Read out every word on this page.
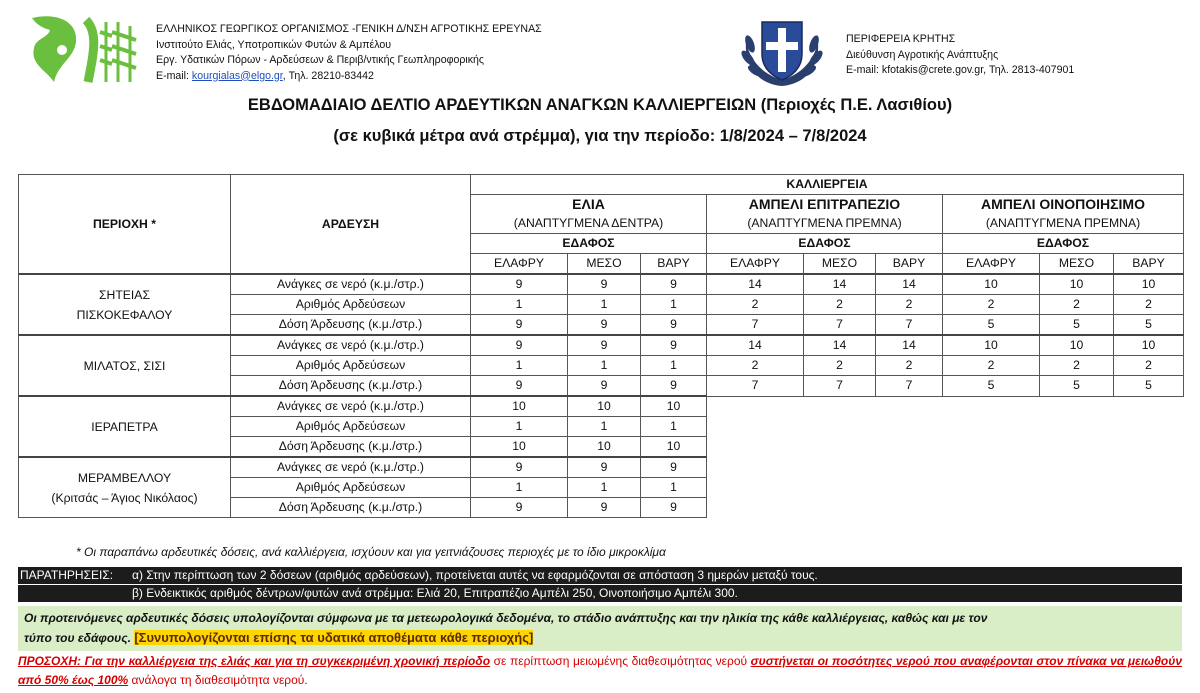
ΕΛΛΗΝΙΚΟΣ ΓΕΩΡΓΙΚΟΣ ΟΡΓΑΝΙΣΜΟΣ -ΓΕΝΙΚΗ Δ/ΝΣΗ ΑΓΡΟΤΙΚΗΣ ΕΡΕΥΝΑΣ
Ινστιτούτο Ελιάς, Υποτροπικών Φυτών & Αμπέλου
Εργ. Υδατικών Πόρων - Αρδεύσεων & Περιβ/ντικής Γεωπληροφορικής
E-mail: kourgialas@elgo.gr, Τηλ. 28210-83442
ΠΕΡΙΦΕΡΕΙΑ ΚΡΗΤΗΣ
Διεύθυνση Αγροτικής Ανάπτυξης
E-mail: kfotakis@crete.gov.gr, Τηλ. 2813-407901
ΕΒΔΟΜΑΔΙΑΙΟ ΔΕΛΤΙΟ ΑΡΔΕΥΤΙΚΩΝ ΑΝΑΓΚΩΝ ΚΑΛΛΙΕΡΓΕΙΩΝ (Περιοχές Π.Ε. Λασιθίου)
(σε κυβικά μέτρα ανά στρέμμα), για την περίοδο: 1/8/2024 – 7/8/2024
ΠΕΡΙΟΧΗ *	ΑΡΔΕΥΣΗ	ΚΑΛΛΙΕΡΓΕΙΑ								
		ΕΛΙΑ			ΑΜΠΕΛΙ ΕΠΙΤΡΑΠΕΖΙΟ			ΑΜΠΕΛΙ ΟΙΝΟΠΟΙΗΣΙΜΟ		
		(ΑΝΑΠΤΥΓΜΕΝΑ ΔΕΝΤΡΑ)			(ΑΝΑΠΤΥΓΜΕΝΑ ΠΡΕΜΝΑ)			(ΑΝΑΠΤΥΓΜΕΝΑ ΠΡΕΜΝΑ)		
		ΕΔΑΦΟΣ			ΕΔΑΦΟΣ			ΕΔΑΦΟΣ		
		ΕΛΑΦΡΥ	ΜΕΣΟ	ΒΑΡΥ	ΕΛΑΦΡΥ	ΜΕΣΟ	ΒΑΡΥ	ΕΛΑΦΡΥ	ΜΕΣΟ	ΒΑΡΥ

ΣΗΤΕΙΑΣ
ΠΙΣΚΟΚΕΦΑΛΟΥ	Ανάγκες σε νερό (κ.μ./στρ.)	9	9	9	14	14	14	10	10	10
	Αριθμός Αρδεύσεων	1	1	1	2	2	2	2	2	2
	Δόση Άρδευσης (κ.μ./στρ.)	9	9	9	7	7	7	5	5	5

ΜΙΛΑΤΟΣ, ΣΙΣΙ	Ανάγκες σε νερό (κ.μ./στρ.)	9	9	9	14	14	14	10	10	10
	Αριθμός Αρδεύσεων	1	1	1	2	2	2	2	2	2
	Δόση Άρδευσης (κ.μ./στρ.)	9	9	9	7	7	7	5	5	5

ΙΕΡΑΠΕΤΡΑ	Ανάγκες σε νερό (κ.μ./στρ.)	10	10	10						
	Αριθμός Αρδεύσεων	1	1	1						
	Δόση Άρδευσης (κ.μ./στρ.)	10	10	10						

ΜΕΡΑΜΒΕΛΛΟΥ
(Κριτσάς – Άγιος Νικόλαος)	Ανάγκες σε νερό (κ.μ./στρ.)	9	9	9						
	Αριθμός Αρδεύσεων	1	1	1						
	Δόση Άρδευσης (κ.μ./στρ.)	9	9	9						
* Οι παραπάνω αρδευτικές δόσεις, ανά καλλιέργεια, ισχύουν και για γειτνιάζουσες περιοχές με το ίδιο μικροκλίμα
ΠΑΡΑΤΗΡΗΣΕΙΣ: α) Στην περίπτωση των 2 δόσεων (αριθμός αρδεύσεων), προτείνεται αυτές να εφαρμόζονται σε απόσταση 3 ημερών μεταξύ τους.
β) Ενδεικτικός αριθμός δέντρων/φυτών ανά στρέμμα: Ελιά 20, Επιτραπέζιο Αμπέλι 250, Οινοποιήσιμο Αμπέλι 300.
Οι προτεινόμενες αρδευτικές δόσεις υπολογίζονται σύμφωνα με τα μετεωρολογικά δεδομένα, το στάδιο ανάπτυξης και την ηλικία της κάθε καλλιέργειας, καθώς και με τον
τύπο του εδάφους. [Συνυπολογίζονται επίσης τα υδατικά αποθέματα κάθε περιοχής]
ΠΡΟΣΟΧΗ: Για την καλλιέργεια της ελιάς και για τη συγκεκριμένη χρονική περίοδο σε περίπτωση μειωμένης διαθεσιμότητας νερού συστήνεται οι ποσότητες νερού που αναφέρονται στον πίνακα να μειωθούν από 50% έως 100% ανάλογα τη διαθεσιμότητα νερού.
